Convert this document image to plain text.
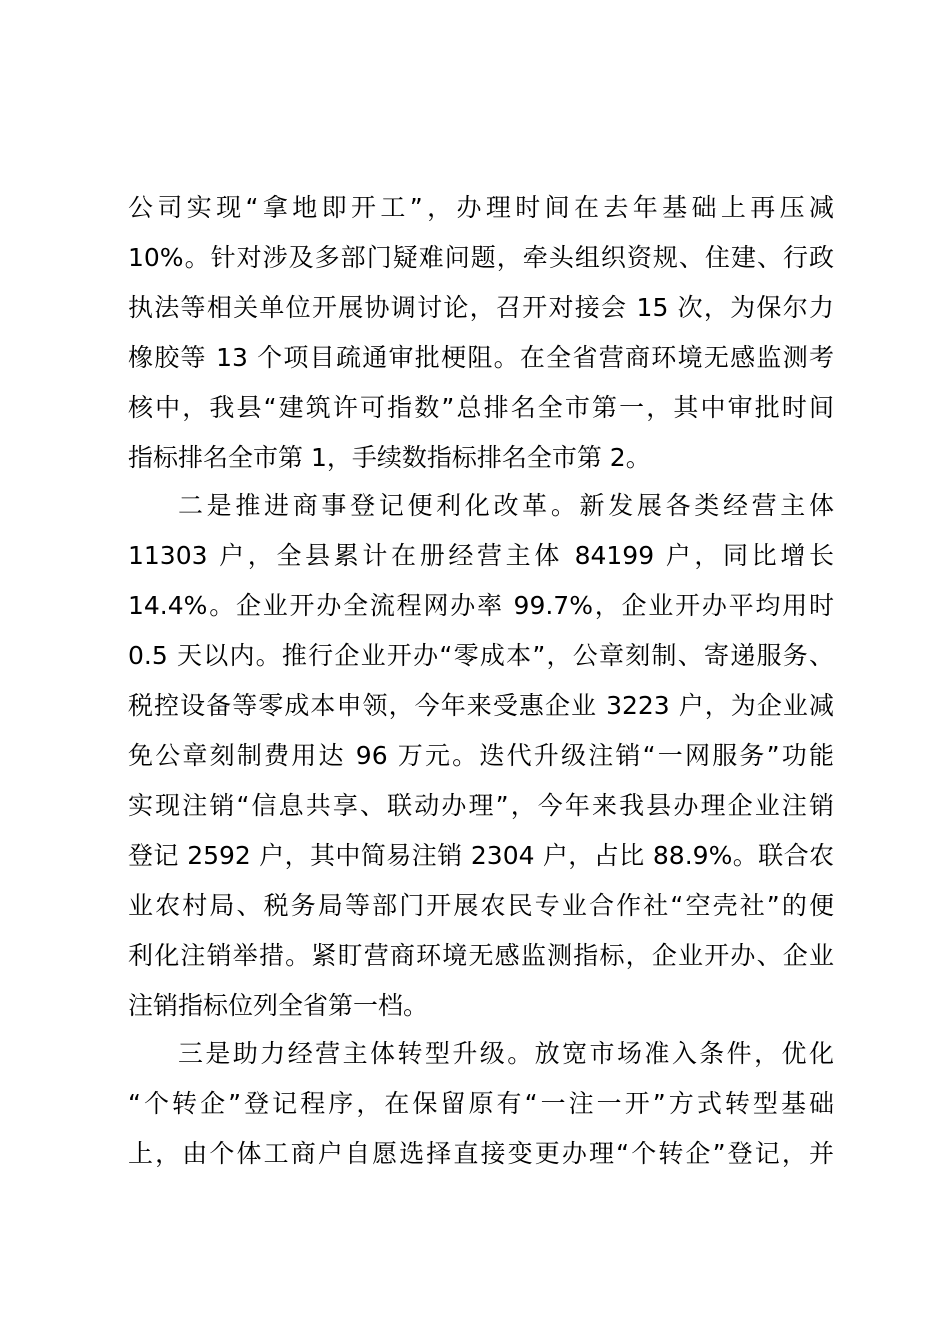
公司实现“拿地即开工”，办理时间在去年基础上再压减
10%。针对涉及多部门疑难问题，牵头组织资规、住建、行政
执法等相关单位开展协调讨论，召开对接会 15 次，为保尔力
橡胶等 13 个项目疏通审批梗阻。在全省营商环境无感监测考
核中，我县“建筑许可指数”总排名全市第一，其中审批时间
指标排名全市第 1，手续数指标排名全市第 2。
二是推进商事登记便利化改革。新发展各类经营主体
11303 户，全县累计在册经营主体 84199 户，同比增长
14.4%。企业开办全流程网办率 99.7%，企业开办平均用时
0.5 天以内。推行企业开办“零成本”，公章刻制、寄递服务、
税控设备等零成本申领，今年来受惠企业 3223 户，为企业减
免公章刻制费用达 96 万元。迭代升级注销“一网服务”功能
实现注销“信息共享、联动办理”，今年来我县办理企业注销
登记 2592 户，其中简易注销 2304 户，占比 88.9%。联合农
业农村局、税务局等部门开展农民专业合作社“空壳社”的便
利化注销举措。紧盯营商环境无感监测指标，企业开办、企业
注销指标位列全省第一档。
三是助力经营主体转型升级。放宽市场准入条件，优化
“个转企”登记程序，在保留原有“一注一开”方式转型基础
上，由个体工商户自愿选择直接变更办理“个转企”登记，并
